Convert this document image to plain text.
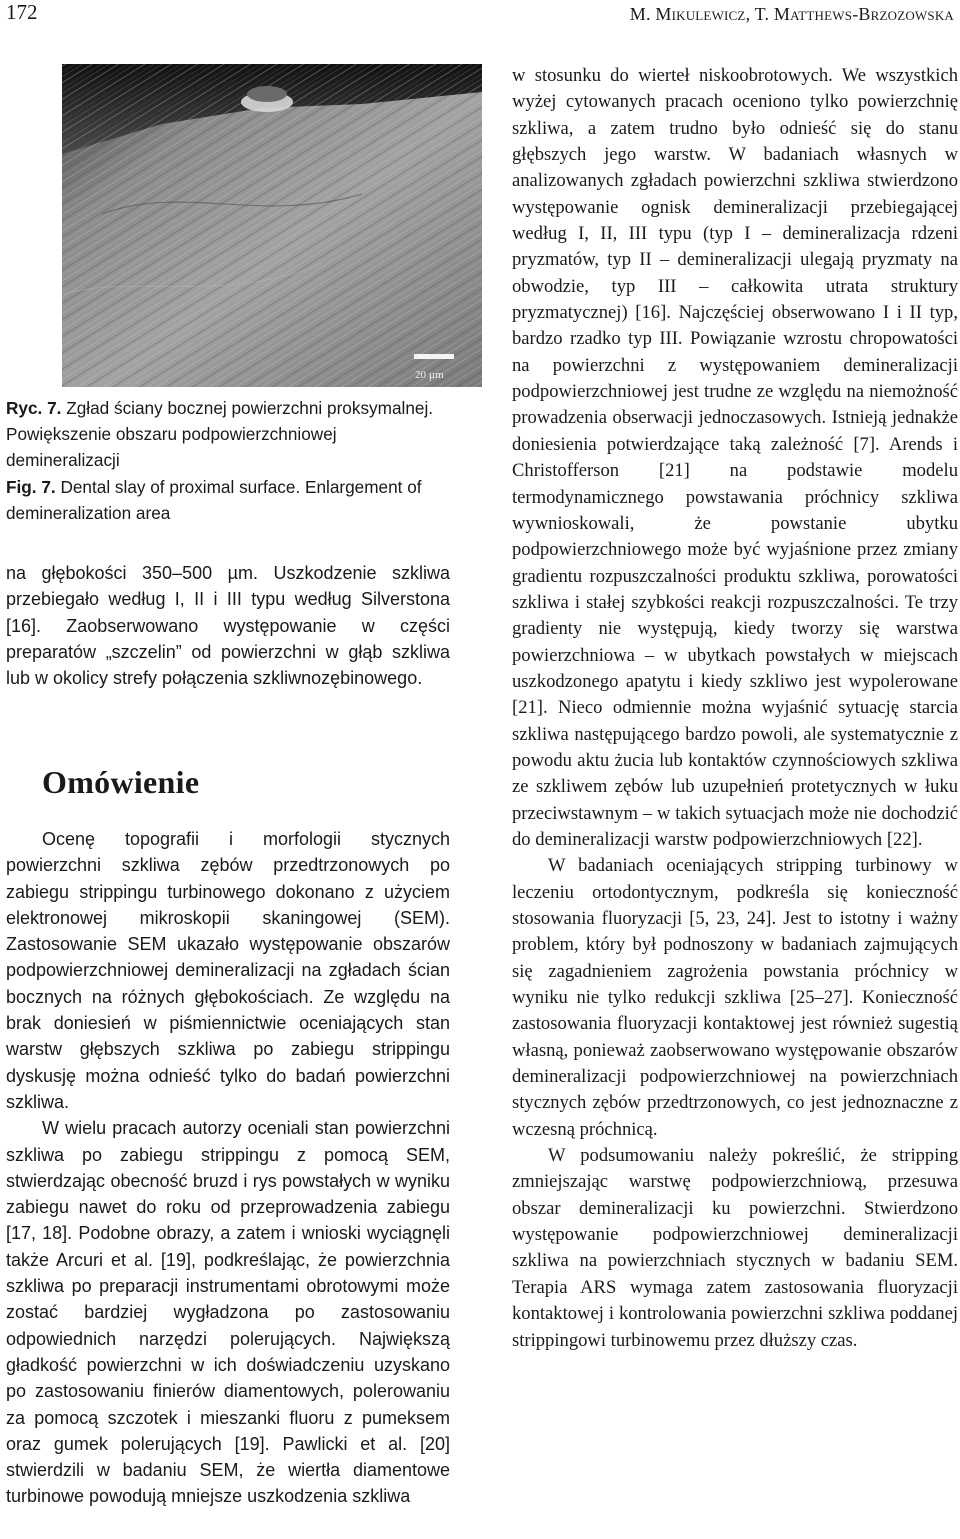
172	M. MIKULEWICZ, T. MATTHEWS-BRZOZOWSKA
20 µm

Ryc. 7. Zgład ściany bocznej powierzchni proksymalnej. Powiększenie obszaru podpowierzchniowej demineralizacji

Fig. 7. Dental slay of proximal surface. Enlargement of demineralization area

na głębokości 350–500 µm. Uszkodzenie szkliwa przebiegało według I, II i III typu według Silverstona [16]. Zaobserwowano występowanie w części preparatów „szczelin” od powierzchni w głąb szkliwa lub w okolicy strefy połączenia szkliwnozębinowego.

Omówienie

Ocenę topografii i morfologii stycznych powierzchni szkliwa zębów przedtrzonowych po zabiegu strippingu turbinowego dokonano z użyciem elektronowej mikroskopii skaningowej (SEM). Zastosowanie SEM ukazało występowanie obszarów podpowierzchniowej demineralizacji na zgładach ścian bocznych na różnych głębokościach. Ze względu na brak doniesień w piśmiennictwie oceniających stan warstw głębszych szkliwa po zabiegu strippingu dyskusję można odnieść tylko do badań powierzchni szkliwa.

W wielu pracach autorzy oceniali stan powierzchni szkliwa po zabiegu strippingu z pomocą SEM, stwierdzając obecność bruzd i rys powstałych w wyniku zabiegu nawet do roku od przeprowadzenia zabiegu [17, 18]. Podobne obrazy, a zatem i wnioski wyciągnęli także Arcuri et al. [19], podkreślając, że powierzchnia szkliwa po preparacji instrumentami obrotowymi może zostać bardziej wygładzona po zastosowaniu odpowiednich narzędzi polerujących. Największą gładkość powierzchni w ich doświadczeniu uzyskano po zastosowaniu finierów diamentowych, polerowaniu za pomocą szczotek i mieszanki fluoru z pumeksem oraz gumek polerujących [19]. Pawlicki et al. [20] stwierdzili w badaniu SEM, że wiertła diamentowe turbinowe powodują mniejsze uszkodzenia szkliwa

w stosunku do wierteł niskoobrotowych. We wszystkich wyżej cytowanych pracach oceniono tylko powierzchnię szkliwa, a zatem trudno było odnieść się do stanu głębszych jego warstw. W badaniach własnych w analizowanych zgładach powierzchni szkliwa stwierdzono występowanie ognisk demineralizacji przebiegającej według I, II, III typu (typ I – demineralizacja rdzeni pryzmatów, typ II – demineralizacji ulegają pryzmaty na obwodzie, typ III – całkowita utrata struktury pryzmatycznej) [16]. Najczęściej obserwowano I i II typ, bardzo rzadko typ III. Powiązanie wzrostu chropowatości na powierzchni z występowaniem demineralizacji podpowierzchniowej jest trudne ze względu na niemożność prowadzenia obserwacji jednoczasowych. Istnieją jednakże doniesienia potwierdzające taką zależność [7]. Arends i Christofferson [21] na podstawie modelu termodynamicznego powstawania próchnicy szkliwa wywnioskowali, że powstanie ubytku podpowierzchniowego może być wyjaśnione przez zmiany gradientu rozpuszczalności produktu szkliwa, porowatości szkliwa i stałej szybkości reakcji rozpuszczalności. Te trzy gradienty nie występują, kiedy tworzy się warstwa powierzchniowa – w ubytkach powstałych w miejscach uszkodzonego apatytu i kiedy szkliwo jest wypolerowane [21]. Nieco odmiennie można wyjaśnić sytuację starcia szkliwa następującego bardzo powoli, ale systematycznie z powodu aktu żucia lub kontaktów czynnościowych szkliwa ze szkliwem zębów lub uzupełnień protetycznych w łuku przeciwstawnym – w takich sytuacjach może nie dochodzić do demineralizacji warstw podpowierzchniowych [22].

W badaniach oceniających stripping turbinowy w leczeniu ortodontycznym, podkreśla się konieczność stosowania fluoryzacji [5, 23, 24]. Jest to istotny i ważny problem, który był podnoszony w badaniach zajmujących się zagadnieniem zagrożenia powstania próchnicy w wyniku nie tylko redukcji szkliwa [25–27]. Konieczność zastosowania fluoryzacji kontaktowej jest również sugestią własną, ponieważ zaobserwowano występowanie obszarów demineralizacji podpowierzchniowej na powierzchniach stycznych zębów przedtrzonowych, co jest jednoznaczne z wczesną próchnicą.

W podsumowaniu należy pokreślić, że stripping zmniejszając warstwę podpowierzchniową, przesuwa obszar demineralizacji ku powierzchni. Stwierdzono występowanie podpowierzchniowej demineralizacji szkliwa na powierzchniach stycznych w badaniu SEM. Terapia ARS wymaga zatem zastosowania fluoryzacji kontaktowej i kontrolowania powierzchni szkliwa poddanej strippingowi turbinowemu przez dłuższy czas.
